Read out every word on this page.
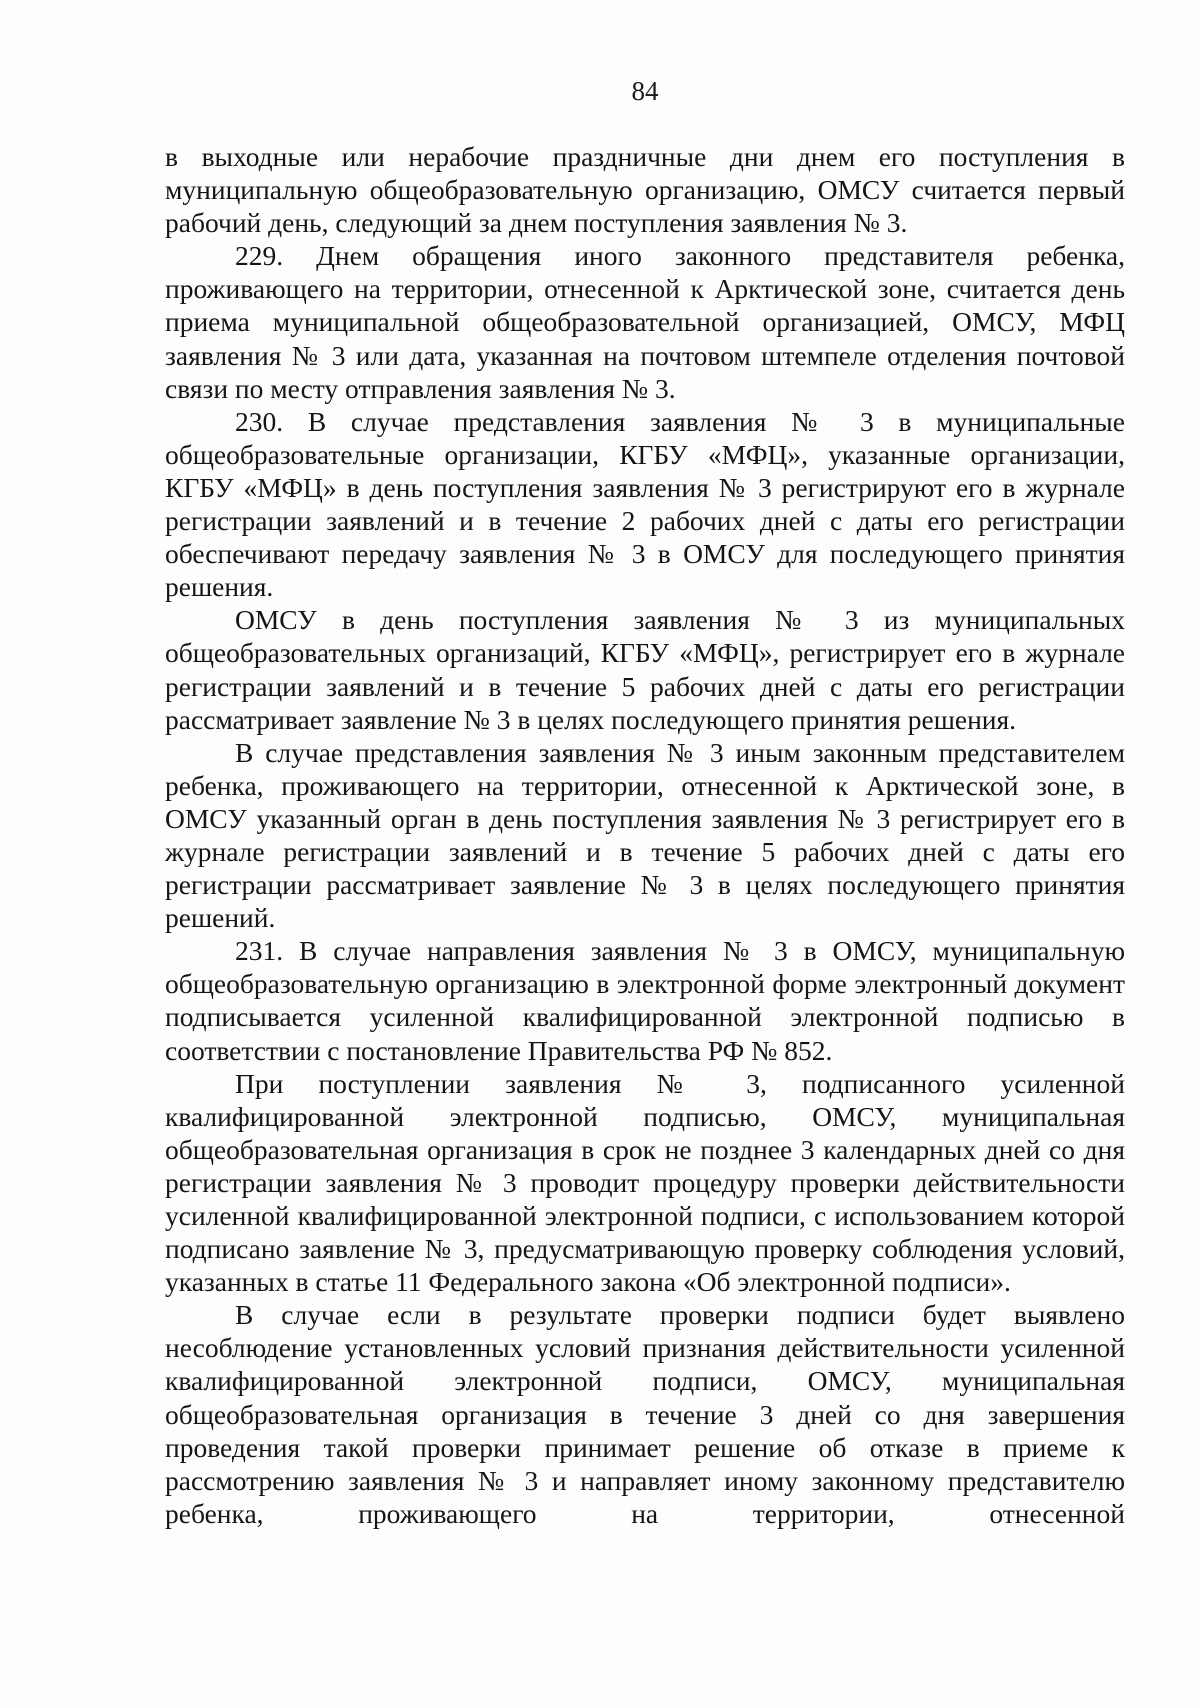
84

в выходные или нерабочие праздничные дни днем его поступления в муниципальную общеобразовательную организацию, ОМСУ считается первый рабочий день, следующий за днем поступления заявления № 3.

229. Днем обращения иного законного представителя ребенка, проживающего на территории, отнесенной к Арктической зоне, считается день приема муниципальной общеобразовательной организацией, ОМСУ, МФЦ заявления № 3 или дата, указанная на почтовом штемпеле отделения почтовой связи по месту отправления заявления № 3.

230. В случае представления заявления № 3 в муниципальные общеобразовательные организации, КГБУ «МФЦ», указанные организации, КГБУ «МФЦ» в день поступления заявления № 3 регистрируют его в журнале регистрации заявлений и в течение 2 рабочих дней с даты его регистрации обеспечивают передачу заявления № 3 в ОМСУ для последующего принятия решения.

ОМСУ в день поступления заявления № 3 из муниципальных общеобразовательных организаций, КГБУ «МФЦ», регистрирует его в журнале регистрации заявлений и в течение 5 рабочих дней с даты его регистрации рассматривает заявление № 3 в целях последующего принятия решения.

В случае представления заявления № 3 иным законным представителем ребенка, проживающего на территории, отнесенной к Арктической зоне, в ОМСУ указанный орган в день поступления заявления № 3 регистрирует его в журнале регистрации заявлений и в течение 5 рабочих дней с даты его регистрации рассматривает заявление № 3 в целях последующего принятия решений.

231. В случае направления заявления № 3 в ОМСУ, муниципальную общеобразовательную организацию в электронной форме электронный документ подписывается усиленной квалифицированной электронной подписью в соответствии с постановление Правительства РФ № 852.

При поступлении заявления № 3, подписанного усиленной квалифицированной электронной подписью, ОМСУ, муниципальная общеобразовательная организация в срок не позднее 3 календарных дней со дня регистрации заявления № 3 проводит процедуру проверки действительности усиленной квалифицированной электронной подписи, с использованием которой подписано заявление № 3, предусматривающую проверку соблюдения условий, указанных в статье 11 Федерального закона «Об электронной подписи».

В случае если в результате проверки подписи будет выявлено несоблюдение установленных условий признания действительности усиленной квалифицированной электронной подписи, ОМСУ, муниципальная общеобразовательная организация в течение 3 дней со дня завершения проведения такой проверки принимает решение об отказе в приеме к рассмотрению заявления № 3 и направляет иному законному представителю ребенка, проживающего на территории, отнесенной
